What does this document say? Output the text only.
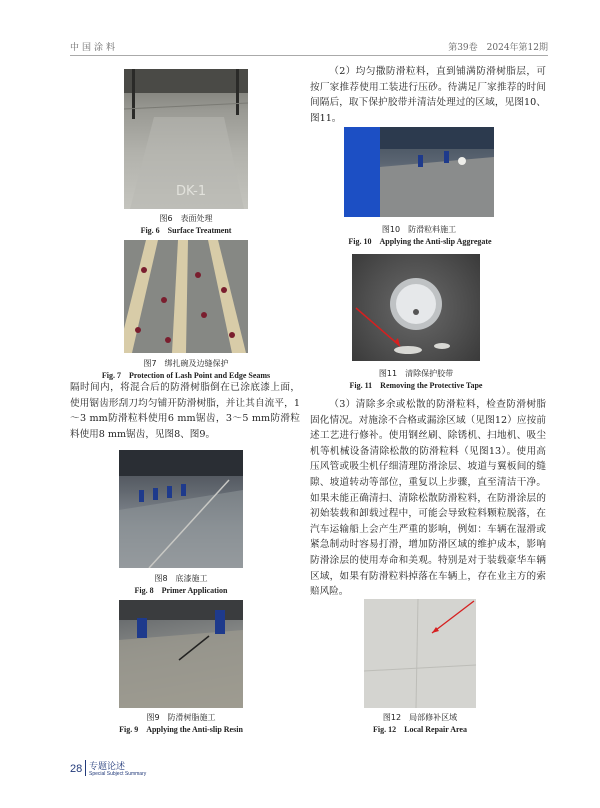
中国涂料	第39卷　2024年第12期
DK-1
图6　表面处理
Fig. 6　Surface Treatment
图7　绑扎碗及边缝保护
Fig. 7　Protection of Lash Point and Edge Seams

隔时间内，将混合后的防滑树脂倒在已涂底漆上面，使用锯齿形刮刀均匀铺开防滑树脂，并让其自流平，1～3 mm防滑粒料使用6 mm锯齿，3～5 mm防滑粒料使用8 mm锯齿，见图8、图9。

图8　底漆施工
Fig. 8　Primer Application
图9　防滑树脂施工
Fig. 9　Applying the Anti-slip Resin

（2）均匀撒防滑粒料，直到铺满防滑树脂层，可按厂家推荐使用工装进行压砂。待满足厂家推荐的时间间隔后，取下保护胶带并清洁处理过的区域，见图10、图11。

图10　防滑粒料施工
Fig. 10　Applying the Anti-slip Aggregate
图11　清除保护胶带
Fig. 11　Removing the Protective Tape

（3）清除多余或松散的防滑粒料，检查防滑树脂固化情况。对施涂不合格或漏涂区域（见图12）应按前述工艺进行修补。使用钢丝刷、除锈机、扫地机、吸尘机等机械设备清除松散的防滑粒料（见图13）。使用高压风管或吸尘机仔细清理防滑涂层、坡道与翼板间的缝隙、坡道转动等部位，重复以上步骤，直至清洁干净。如果未能正确清扫、清除松散防滑粒料，在防滑涂层的初始装载和卸载过程中，可能会导致粒料颗粒脱落，在汽车运输船上会产生严重的影响，例如：车辆在湿滑或紧急制动时容易打滑，增加防滑区域的维护成本，影响防滑涂层的使用寿命和美观。特别是对于装载豪华车辆区域，如果有防滑粒料掉落在车辆上，存在业主方的索赔风险。

图12　局部修补区域
Fig. 12　Local Repair Area
28 专题论述
Special Subject Summary
